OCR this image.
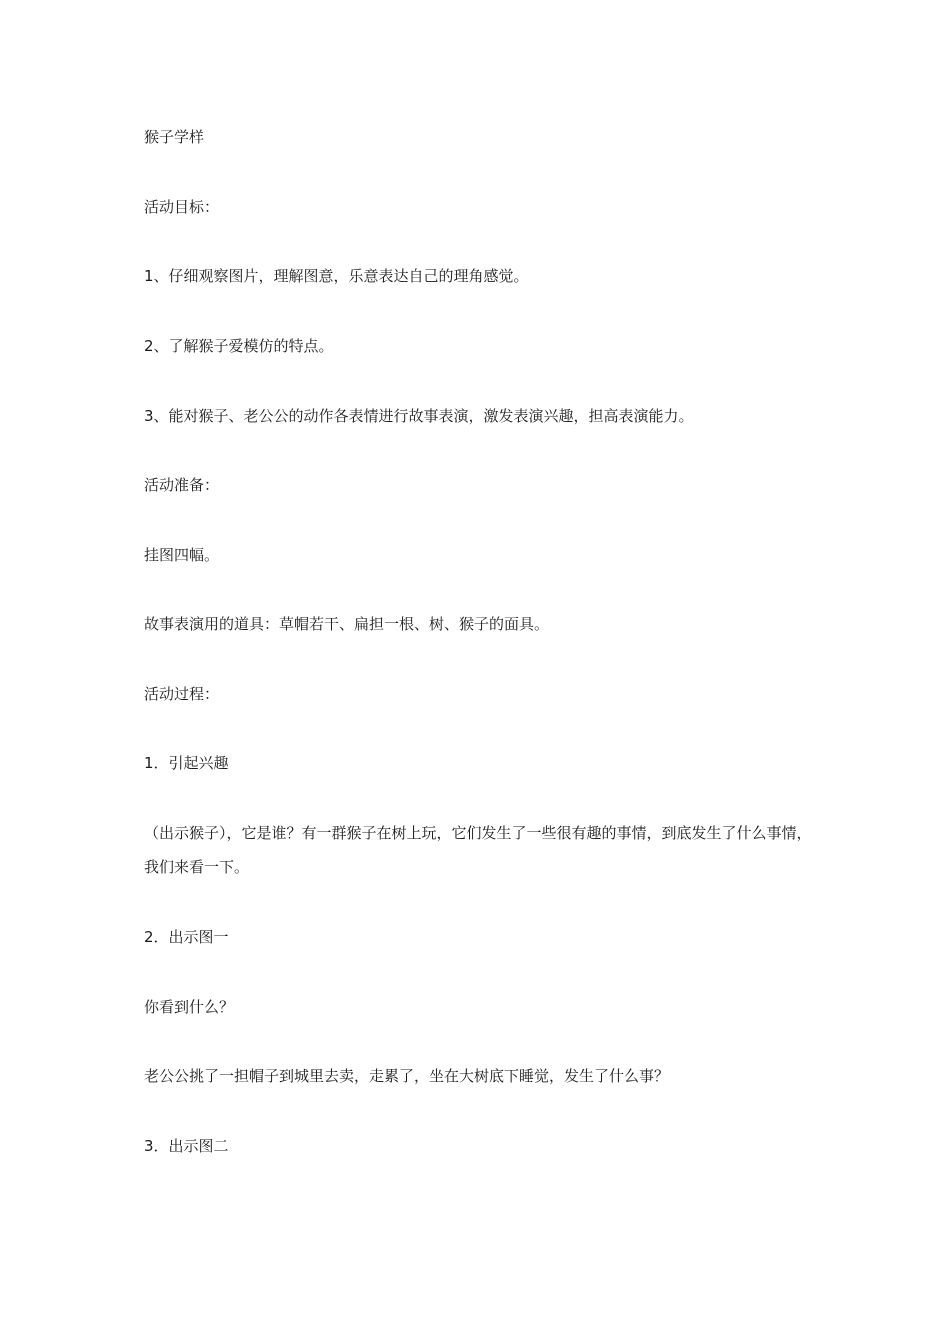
猴子学样
活动目标：
1、仔细观察图片，理解图意，乐意表达自己的理角感觉。
2、了解猴子爱模仿的特点。
3、能对猴子、老公公的动作各表情进行故事表演，激发表演兴趣，担高表演能力。
活动准备：
挂图四幅。
故事表演用的道具：草帽若干、扁担一根、树、猴子的面具。
活动过程：
1．引起兴趣
（出示猴子），它是谁？有一群猴子在树上玩，它们发生了一些很有趣的事情，到底发生了什么事情，我们来看一下。
2．出示图一
你看到什么？
老公公挑了一担帽子到城里去卖，走累了，坐在大树底下睡觉，发生了什么事？
3．出示图二
